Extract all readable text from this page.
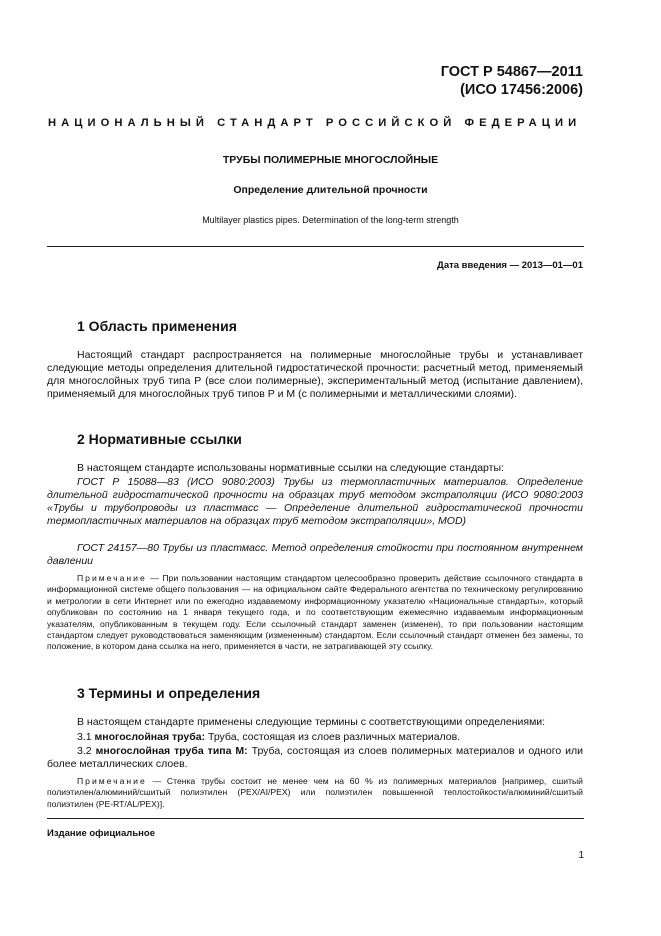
ГОСТ Р 54867—2011
(ИСО 17456:2006)
НАЦИОНАЛЬНЫЙ СТАНДАРТ РОССИЙСКОЙ ФЕДЕРАЦИИ
ТРУБЫ ПОЛИМЕРНЫЕ МНОГОСЛОЙНЫЕ
Определение длительной прочности
Multilayer plastics pipes. Determination of the long-term strength
Дата введения — 2013—01—01
1 Область применения

Настоящий стандарт распространяется на полимерные многослойные трубы и устанавливает следующие методы определения длительной гидростатической прочности: расчетный метод, применяемый для многослойных труб типа Р (все слои полимерные), экспериментальный метод (испытание давлением), применяемый для многослойных труб типов Р и М (с полимерными и металлическими слоями).

2 Нормативные ссылки

В настоящем стандарте использованы нормативные ссылки на следующие стандарты:

ГОСТ Р 15088—83 (ИСО 9080:2003) Трубы из термопластичных материалов. Определение длительной гидростатической прочности на образцах труб методом экстраполяции (ИСО 9080:2003 «Трубы и трубопроводы из пластмасс — Определение длительной гидростатической прочности термопластичных материалов на образцах труб методом экстраполяции», MOD)

ГОСТ 24157—80 Трубы из пластмасс. Метод определения стойкости при постоянном внутреннем давлении

Примечание — При пользовании настоящим стандартом целесообразно проверить действие ссылочного стандарта в информационной системе общего пользования — на официальном сайте Федерального агентства по техническому регулированию и метрологии в сети Интернет или по ежегодно издаваемому информационному указателю «Национальные стандарты», который опубликован по состоянию на 1 января текущего года, и по соответствующим ежемесячно издаваемым информационным указателям, опубликованным в текущем году. Если ссылочный стандарт заменен (изменен), то при пользовании настоящим стандартом следует руководствоваться заменяющим (измененным) стандартом. Если ссылочный стандарт отменен без замены, то положение, в котором дана ссылка на него, применяется в части, не затрагивающей эту ссылку.

3 Термины и определения

В настоящем стандарте применены следующие термины с соответствующими определениями:

3.1 многослойная труба: Труба, состоящая из слоев различных материалов.

3.2 многослойная труба типа М: Труба, состоящая из слоев полимерных материалов и одного или более металлических слоев.

Примечание — Стенка трубы состоит не менее чем на 60 % из полимерных материалов [например, сшитый полиэтилен/алюминий/сшитый полиэтилен (PEX/AI/PEX) или полиэтилен повышенной теплостойкости/алюминий/сшитый полиэтилен (PE-RT/AL/PEX)].

Издание официальное
1
